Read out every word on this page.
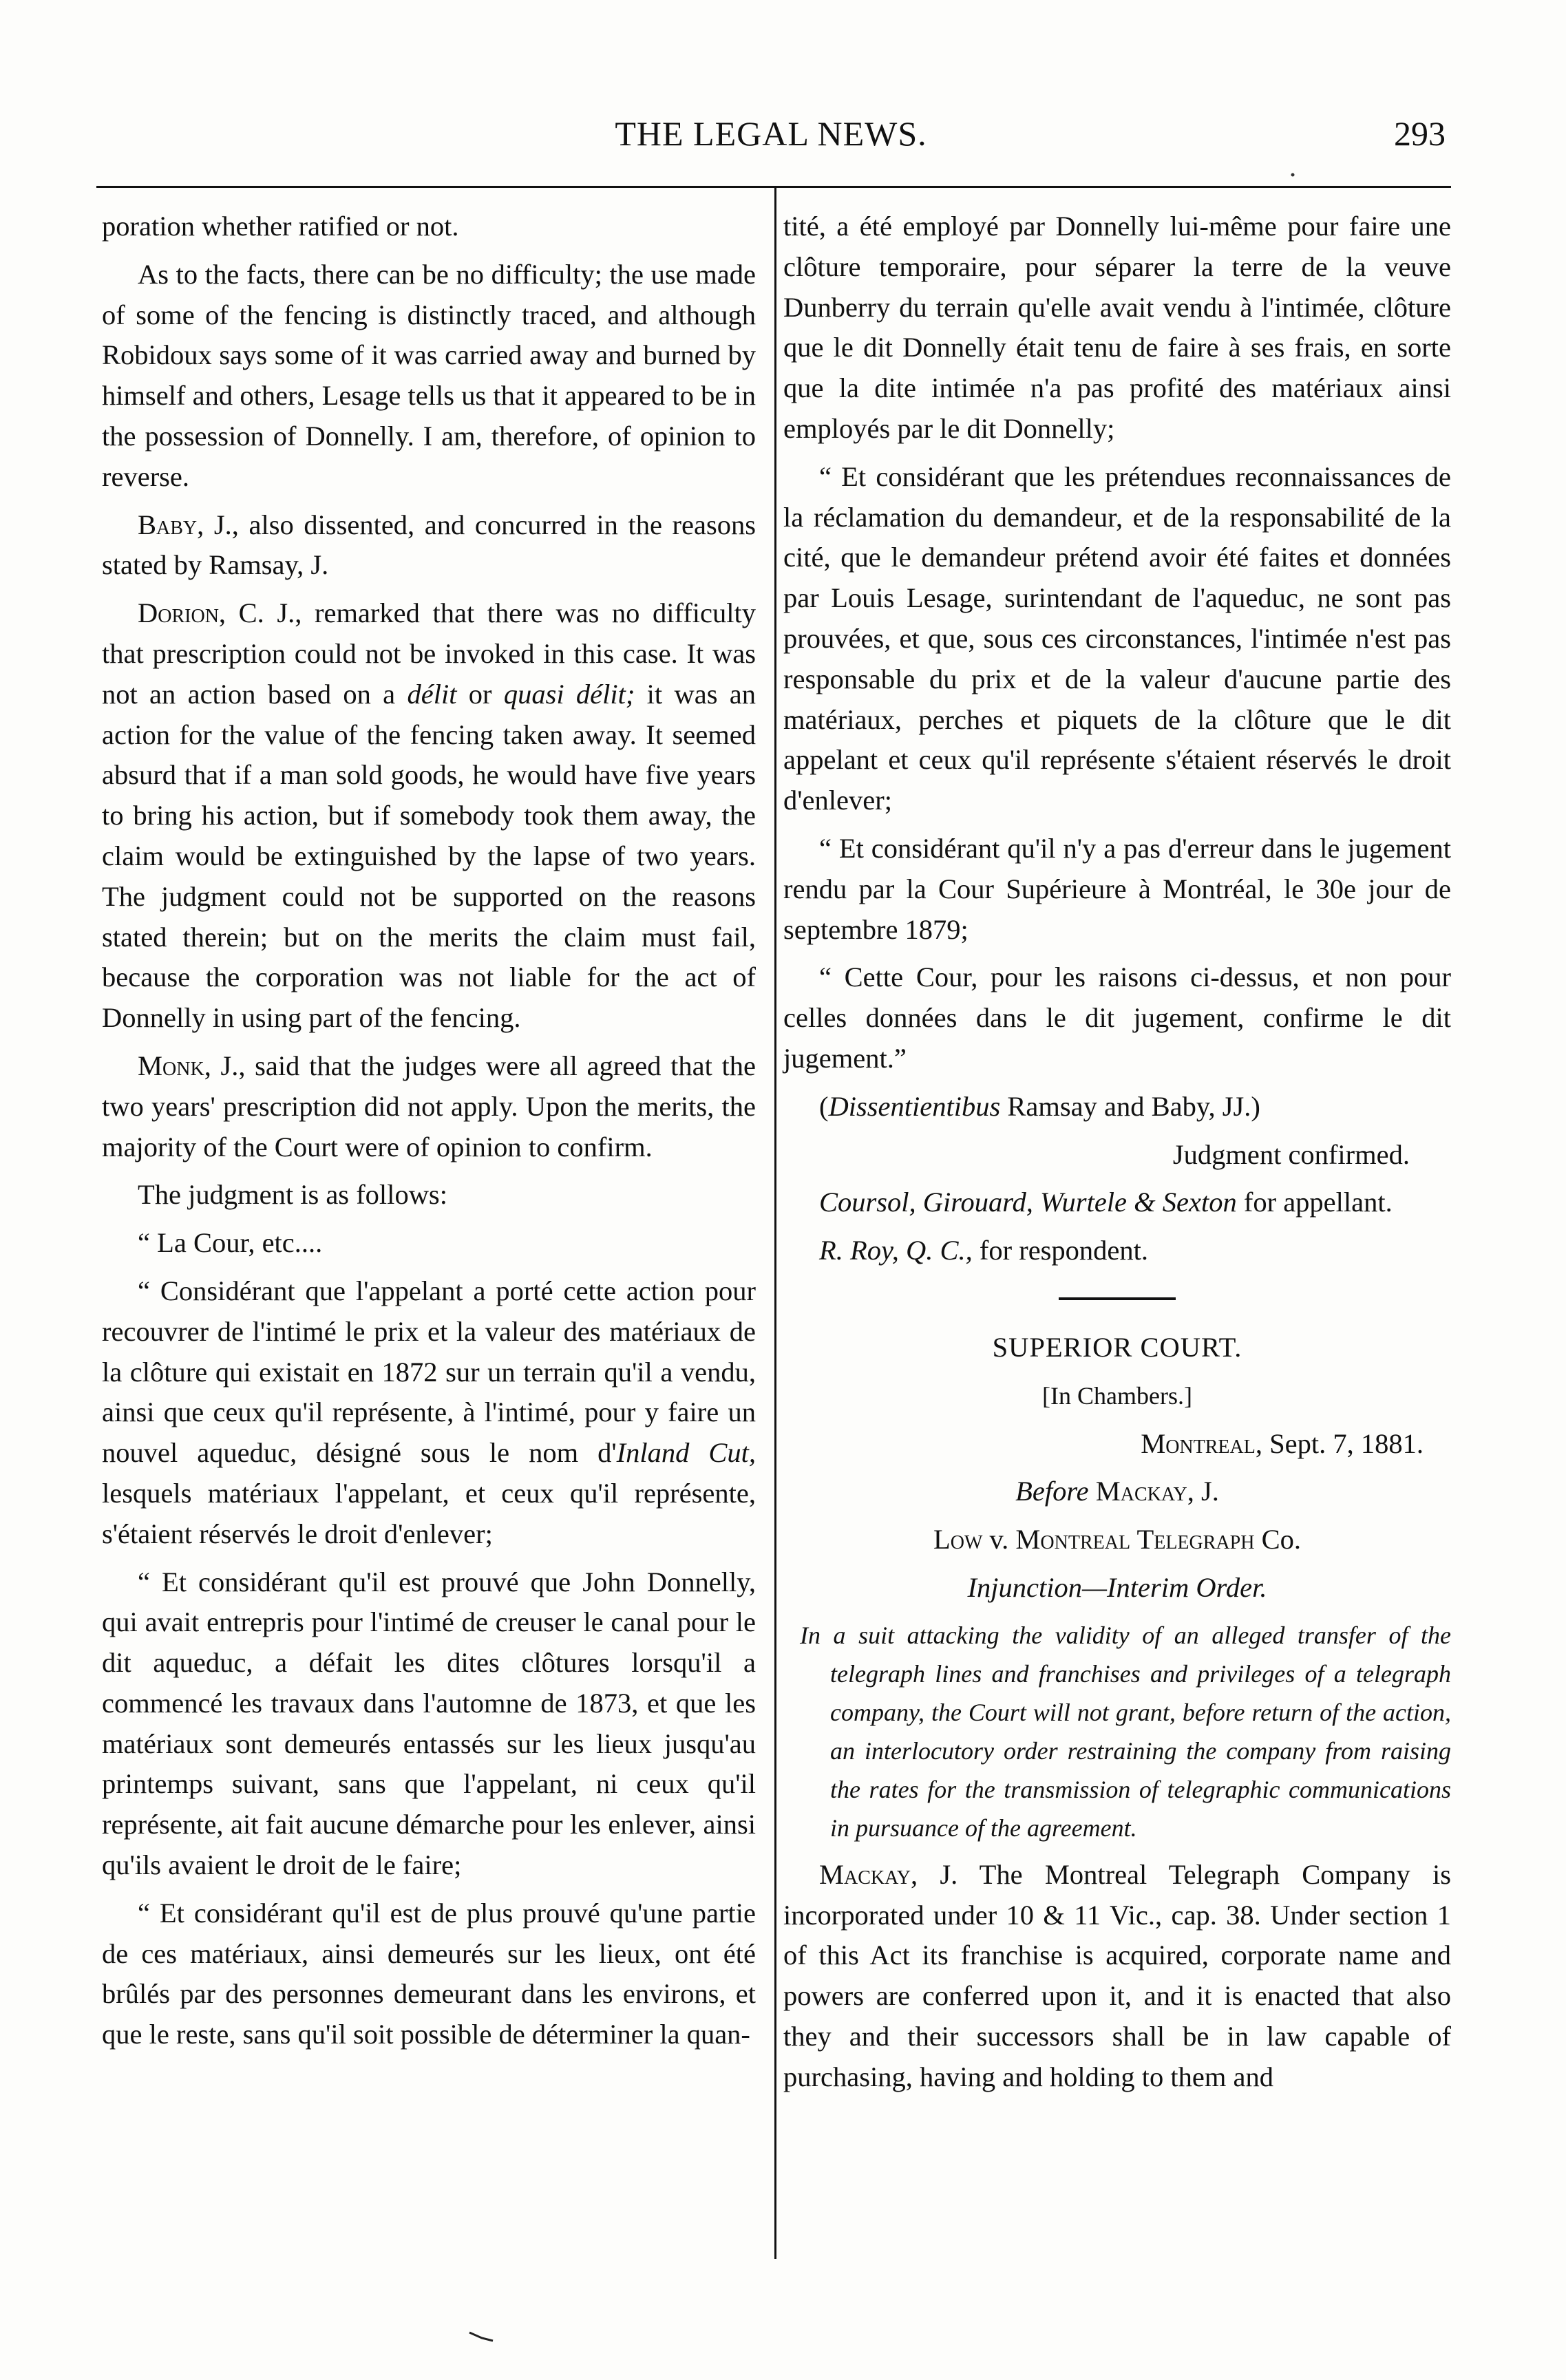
THE LEGAL NEWS.	293

poration whether ratified or not.

As to the facts, there can be no difficulty; the use made of some of the fencing is distinctly traced, and although Robidoux says some of it was carried away and burned by himself and others, Lesage tells us that it appeared to be in the possession of Donnelly. I am, therefore, of opinion to reverse.

Baby, J., also dissented, and concurred in the reasons stated by Ramsay, J.

Dorion, C. J., remarked that there was no difficulty that prescription could not be invoked in this case. It was not an action based on a délit or quasi délit; it was an action for the value of the fencing taken away. It seemed absurd that if a man sold goods, he would have five years to bring his action, but if somebody took them away, the claim would be extinguished by the lapse of two years. The judgment could not be supported on the reasons stated therein; but on the merits the claim must fail, because the corporation was not liable for the act of Donnelly in using part of the fencing.

Monk, J., said that the judges were all agreed that the two years' prescription did not apply. Upon the merits, the majority of the Court were of opinion to confirm.

The judgment is as follows:

“ La Cour, etc....

“ Considérant que l'appelant a porté cette action pour recouvrer de l'intimé le prix et la valeur des matériaux de la clôture qui existait en 1872 sur un terrain qu'il a vendu, ainsi que ceux qu'il représente, à l'intimé, pour y faire un nouvel aqueduc, désigné sous le nom d'Inland Cut, lesquels matériaux l'appelant, et ceux qu'il représente, s'étaient réservés le droit d'enlever;

“ Et considérant qu'il est prouvé que John Donnelly, qui avait entrepris pour l'intimé de creuser le canal pour le dit aqueduc, a défait les dites clôtures lorsqu'il a commencé les travaux dans l'automne de 1873, et que les matériaux sont demeurés entassés sur les lieux jusqu'au printemps suivant, sans que l'appelant, ni ceux qu'il représente, ait fait aucune démarche pour les enlever, ainsi qu'ils avaient le droit de le faire;

“ Et considérant qu'il est de plus prouvé qu'une partie de ces matériaux, ainsi demeurés sur les lieux, ont été brûlés par des personnes demeurant dans les environs, et que le reste, sans qu'il soit possible de déterminer la quan-

tité, a été employé par Donnelly lui-même pour faire une clôture temporaire, pour séparer la terre de la veuve Dunberry du terrain qu'elle avait vendu à l'intimée, clôture que le dit Donnelly était tenu de faire à ses frais, en sorte que la dite intimée n'a pas profité des matériaux ainsi employés par le dit Donnelly;

“ Et considérant que les prétendues reconnaissances de la réclamation du demandeur, et de la responsabilité de la cité, que le demandeur prétend avoir été faites et données par Louis Lesage, surintendant de l'aqueduc, ne sont pas prouvées, et que, sous ces circonstances, l'intimée n'est pas responsable du prix et de la valeur d'aucune partie des matériaux, perches et piquets de la clôture que le dit appelant et ceux qu'il représente s'étaient réservés le droit d'enlever;

“ Et considérant qu'il n'y a pas d'erreur dans le jugement rendu par la Cour Supérieure à Montréal, le 30e jour de septembre 1879;

“ Cette Cour, pour les raisons ci-dessus, et non pour celles données dans le dit jugement, confirme le dit jugement.”

(Dissentientibus Ramsay and Baby, JJ.)

Judgment confirmed.

Coursol, Girouard, Wurtele & Sexton for appellant.

R. Roy, Q. C., for respondent.

SUPERIOR COURT.

[In Chambers.]

Montreal, Sept. 7, 1881.

Before Mackay, J.

Low v. Montreal Telegraph Co.

Injunction—Interim Order.

In a suit attacking the validity of an alleged transfer of the telegraph lines and franchises and privileges of a telegraph company, the Court will not grant, before return of the action, an interlocutory order restraining the company from raising the rates for the transmission of telegraphic communications in pursuance of the agreement.

Mackay, J. The Montreal Telegraph Company is incorporated under 10 & 11 Vic., cap. 38. Under section 1 of this Act its franchise is acquired, corporate name and powers are conferred upon it, and it is enacted that also they and their successors shall be in law capable of purchasing, having and holding to them and
